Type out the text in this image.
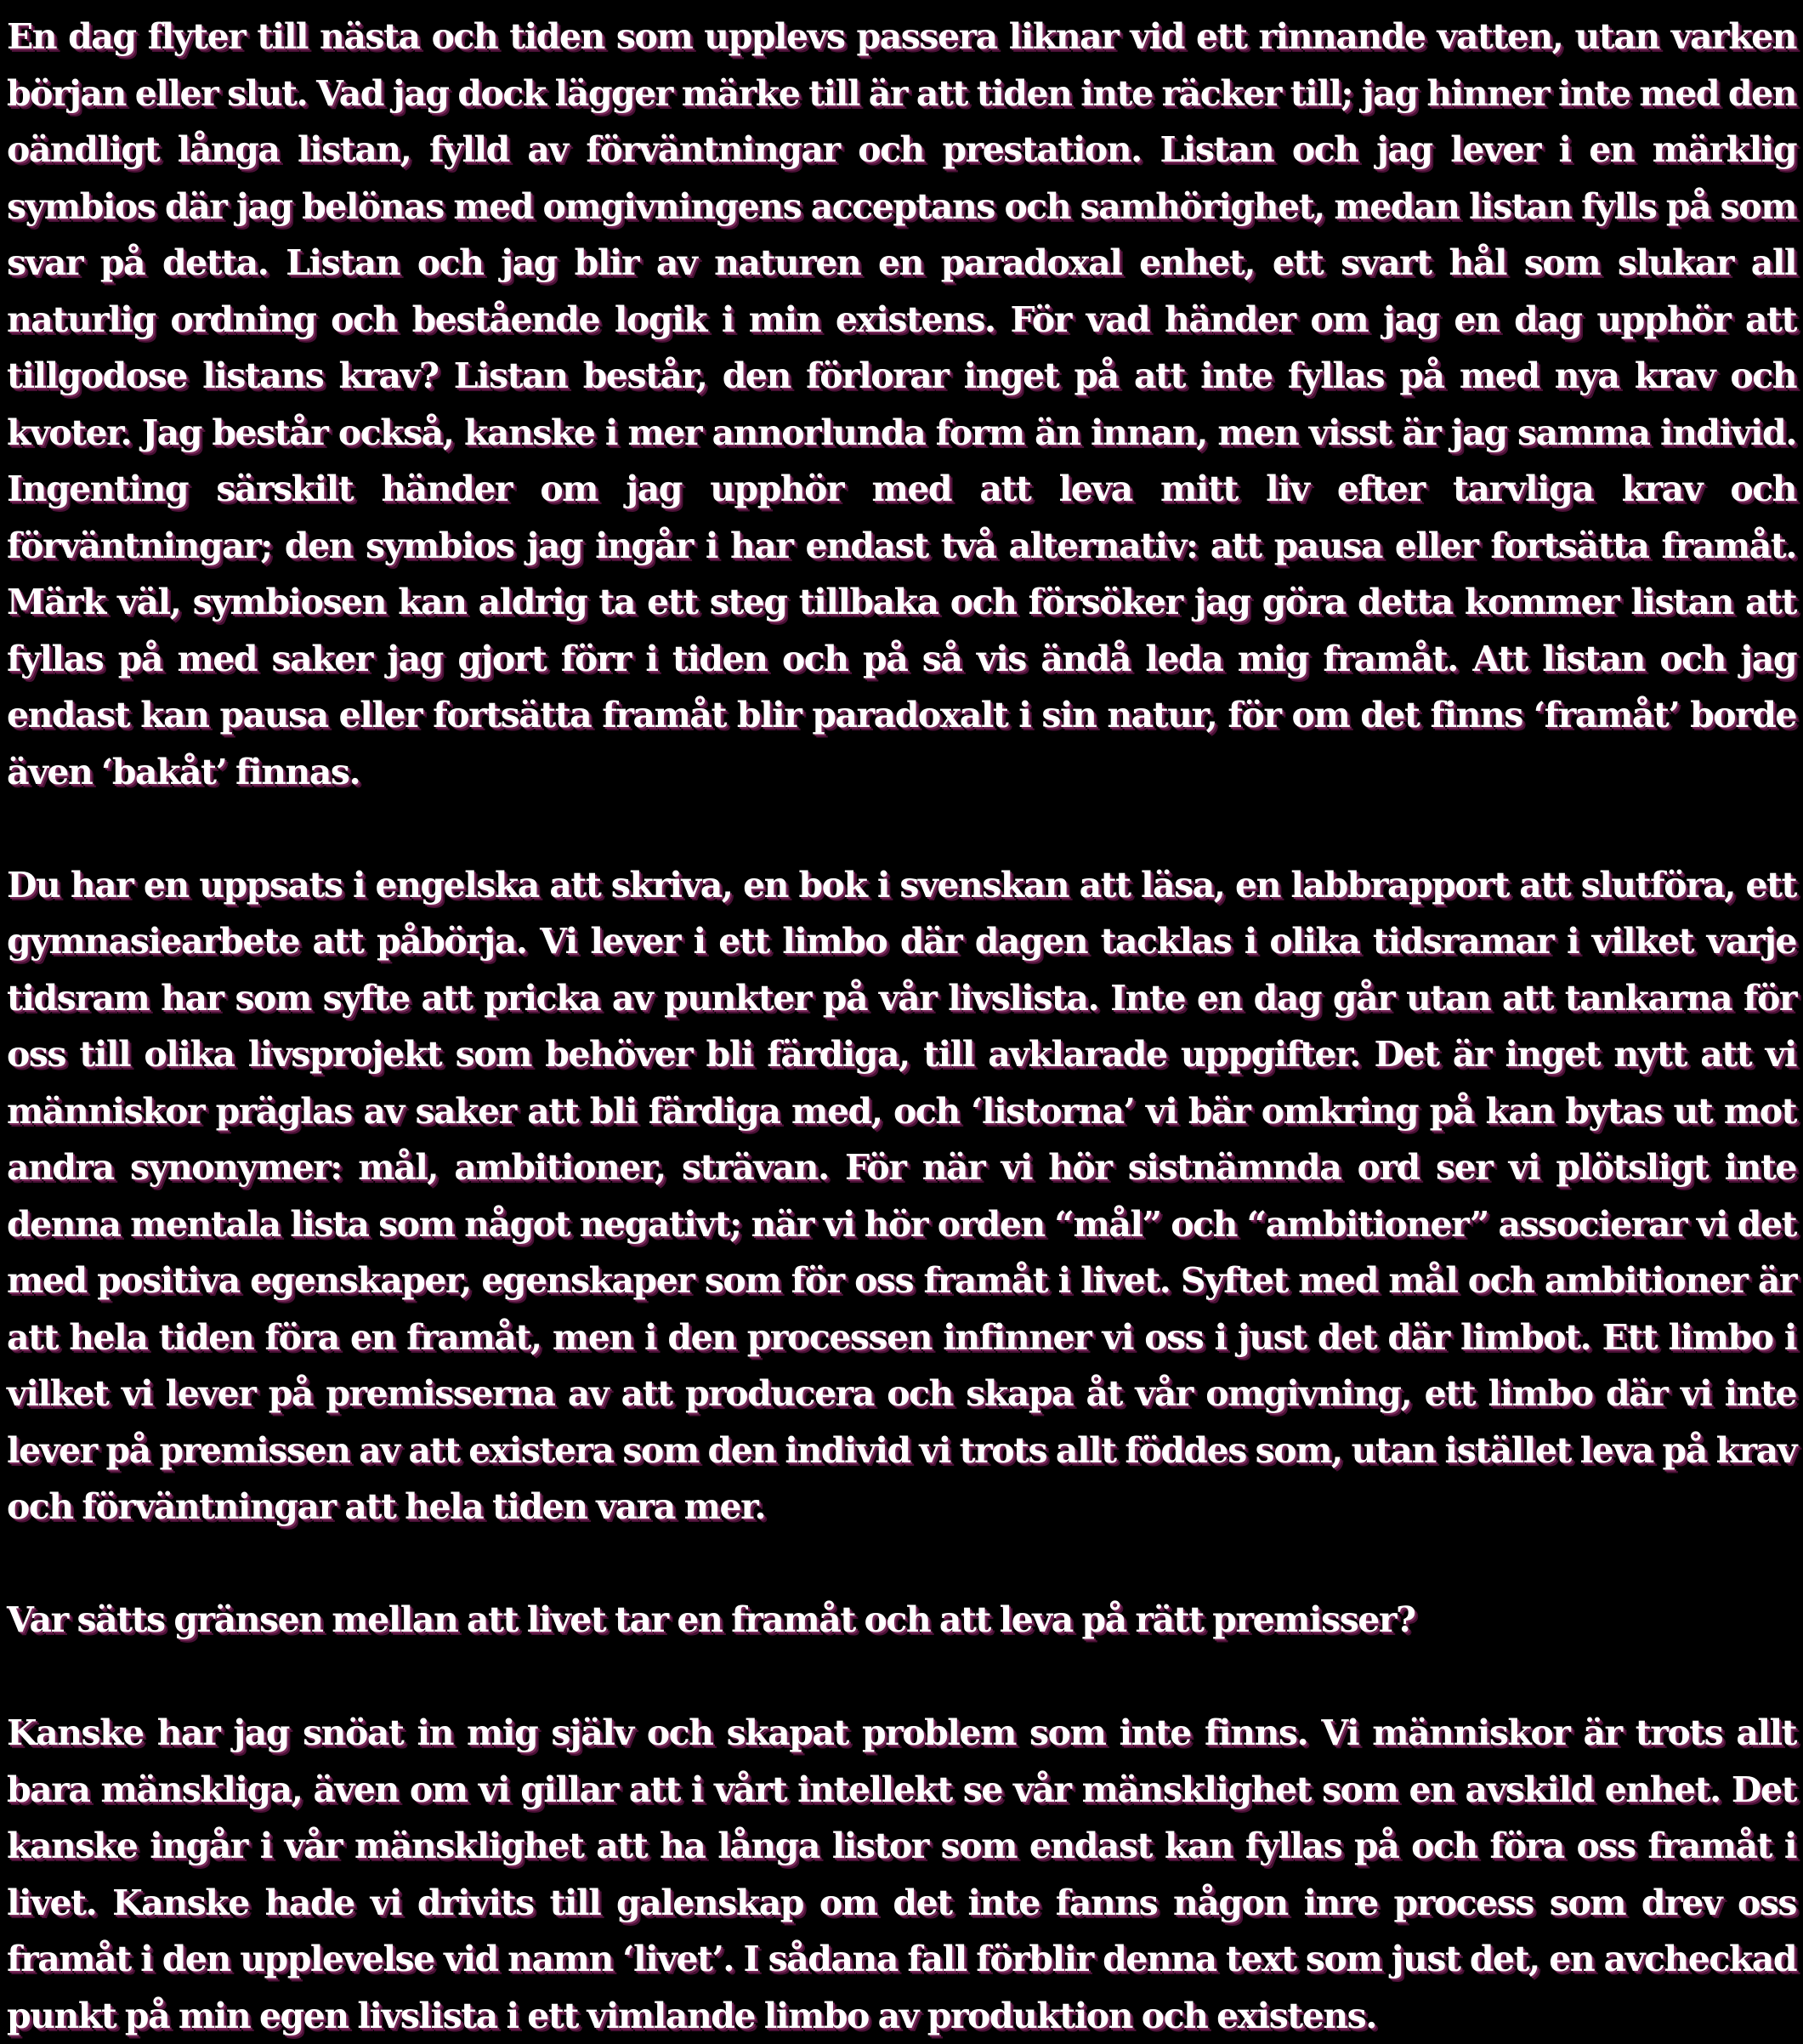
En dag flyter till nästa och tiden som upplevs passera liknar vid ett rinnande vatten, utan varken början eller slut. Vad jag dock lägger märke till är att tiden inte räcker till; jag hinner inte med den oändligt långa listan, fylld av förväntningar och prestation. Listan och jag lever i en märklig symbios där jag belönas med omgivningens acceptans och samhörighet, medan listan fylls på som svar på detta. Listan och jag blir av naturen en paradoxal enhet, ett svart hål som slukar all naturlig ordning och bestående logik i min existens. För vad händer om jag en dag upphör att tillgodose listans krav? Listan består, den förlorar inget på att inte fyllas på med nya krav och kvoter. Jag består också, kanske i mer annorlunda form än innan, men visst är jag samma individ. Ingenting särskilt händer om jag upphör med att leva mitt liv efter tarvliga krav och förväntningar; den symbios jag ingår i har endast två alternativ: att pausa eller fortsätta framåt. Märk väl, symbiosen kan aldrig ta ett steg tillbaka och försöker jag göra detta kommer listan att fyllas på med saker jag gjort förr i tiden och på så vis ändå leda mig framåt. Att listan och jag endast kan pausa eller fortsätta framåt blir paradoxalt i sin natur, för om det finns ‘framåt’ borde även ‘bakåt’ finnas.

Du har en uppsats i engelska att skriva, en bok i svenskan att läsa, en labbrapport att slutföra, ett gymnasiearbete att påbörja. Vi lever i ett limbo där dagen tacklas i olika tidsramar i vilket varje tidsram har som syfte att pricka av punkter på vår livslista. Inte en dag går utan att tankarna för oss till olika livsprojekt som behöver bli färdiga, till avklarade uppgifter. Det är inget nytt att vi människor präglas av saker att bli färdiga med, och ‘listorna’ vi bär omkring på kan bytas ut mot andra synonymer: mål, ambitioner, strävan. För när vi hör sistnämnda ord ser vi plötsligt inte denna mentala lista som något negativt; när vi hör orden “mål” och “ambitioner” associerar vi det med positiva egenskaper, egenskaper som för oss framåt i livet. Syftet med mål och ambitioner är att hela tiden föra en framåt, men i den processen infinner vi oss i just det där limbot. Ett limbo i vilket vi lever på premisserna av att producera och skapa åt vår omgivning, ett limbo där vi inte lever på premissen av att existera som den individ vi trots allt föddes som, utan istället leva på krav och förväntningar att hela tiden vara mer.

Var sätts gränsen mellan att livet tar en framåt och att leva på rätt premisser?

Kanske har jag snöat in mig själv och skapat problem som inte finns. Vi människor är trots allt bara mänskliga, även om vi gillar att i vårt intellekt se vår mänsklighet som en avskild enhet. Det kanske ingår i vår mänsklighet att ha långa listor som endast kan fyllas på och föra oss framåt i livet. Kanske hade vi drivits till galenskap om det inte fanns någon inre process som drev oss framåt i den upplevelse vid namn ‘livet’. I sådana fall förblir denna text som just det, en avcheckad punkt på min egen livslista i ett vimlande limbo av produktion och existens.
